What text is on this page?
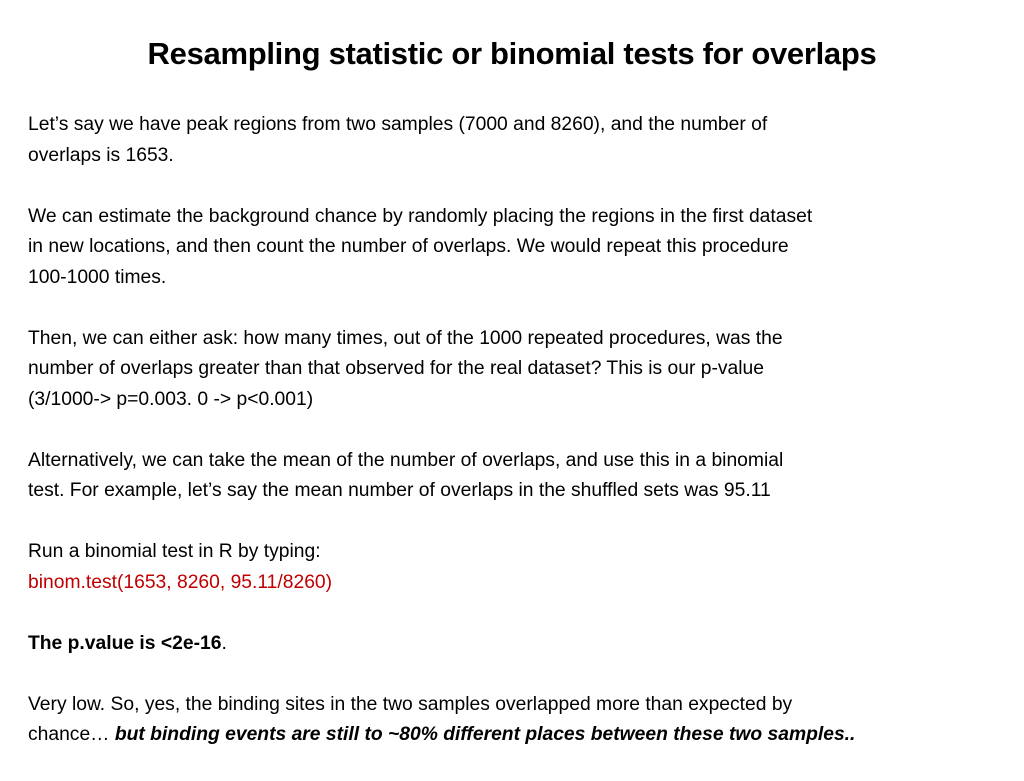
Resampling statistic or binomial tests for overlaps
Let’s say we have peak regions from two samples (7000 and 8260), and the number of
overlaps is 1653.
We can estimate the background chance by randomly placing the regions in the first dataset
in new locations, and then count the number of overlaps. We would repeat this procedure
100-1000 times.
Then, we can either ask: how many times, out of the 1000 repeated procedures, was the
number of overlaps greater than that observed for the real dataset? This is our p-value
(3/1000-> p=0.003. 0 -> p<0.001)
Alternatively, we can take the mean of the number of overlaps, and use this in a binomial
test. For example, let’s say the mean number of overlaps in the shuffled sets was 95.11
Run a binomial test in R by typing:
binom.test(1653, 8260, 95.11/8260)
The p.value is <2e-16.
Very low. So, yes, the binding sites in the two samples overlapped more than expected by
chance… but binding events are still to ~80% different places between these two samples..
